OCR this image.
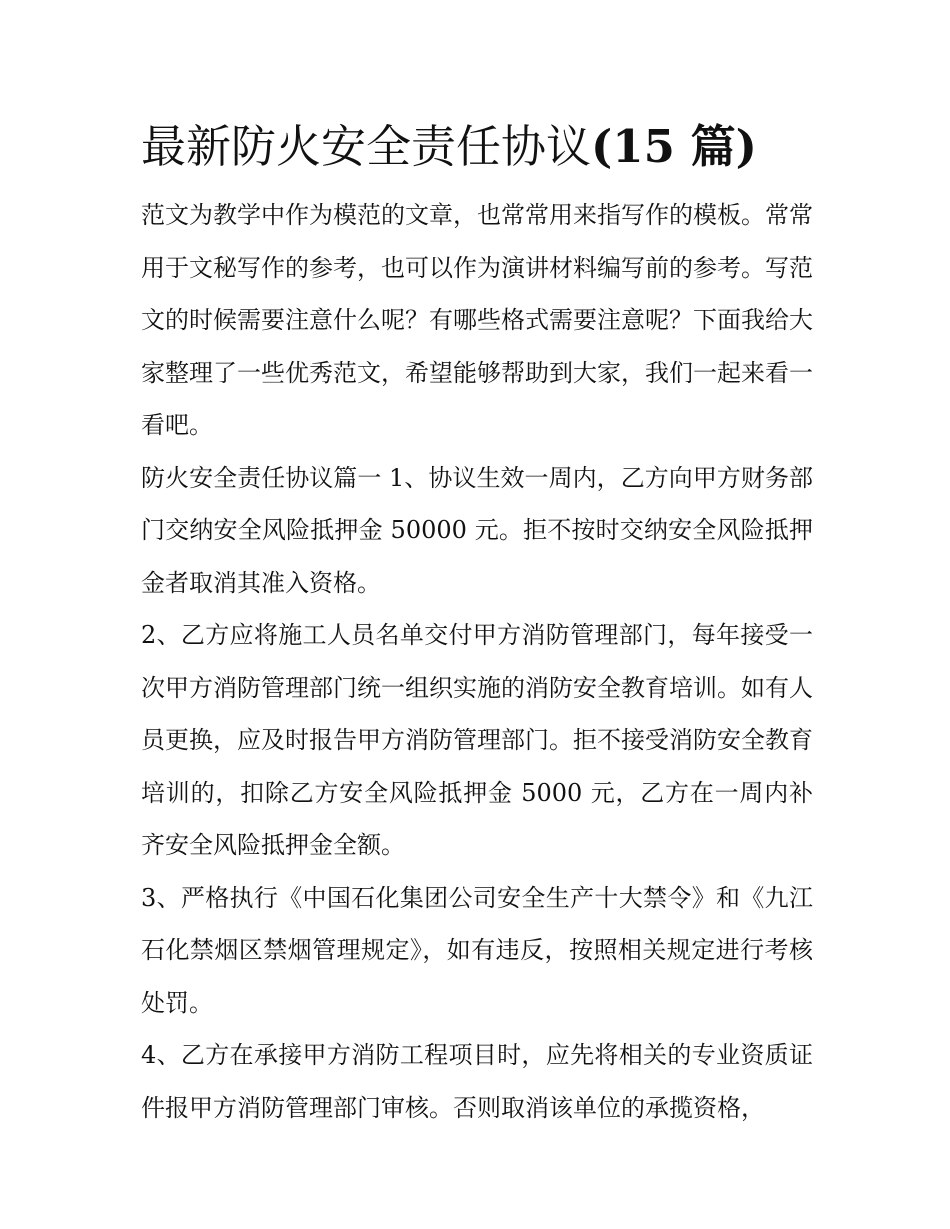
最新防火安全责任协议(15 篇)

范文为教学中作为模范的文章，也常常用来指写作的模板。常常用于文秘写作的参考，也可以作为演讲材料编写前的参考。写范文的时候需要注意什么呢？有哪些格式需要注意呢？下面我给大家整理了一些优秀范文，希望能够帮助到大家，我们一起来看一看吧。

防火安全责任协议篇一 1、协议生效一周内，乙方向甲方财务部门交纳安全风险抵押金 50000 元。拒不按时交纳安全风险抵押金者取消其准入资格。

2、乙方应将施工人员名单交付甲方消防管理部门，每年接受一次甲方消防管理部门统一组织实施的消防安全教育培训。如有人员更换，应及时报告甲方消防管理部门。拒不接受消防安全教育培训的，扣除乙方安全风险抵押金 5000 元，乙方在一周内补齐安全风险抵押金全额。

3、严格执行《中国石化集团公司安全生产十大禁令》和《九江石化禁烟区禁烟管理规定》，如有违反，按照相关规定进行考核处罚。

4、乙方在承接甲方消防工程项目时，应先将相关的专业资质证件报甲方消防管理部门审核。否则取消该单位的承揽资格，
